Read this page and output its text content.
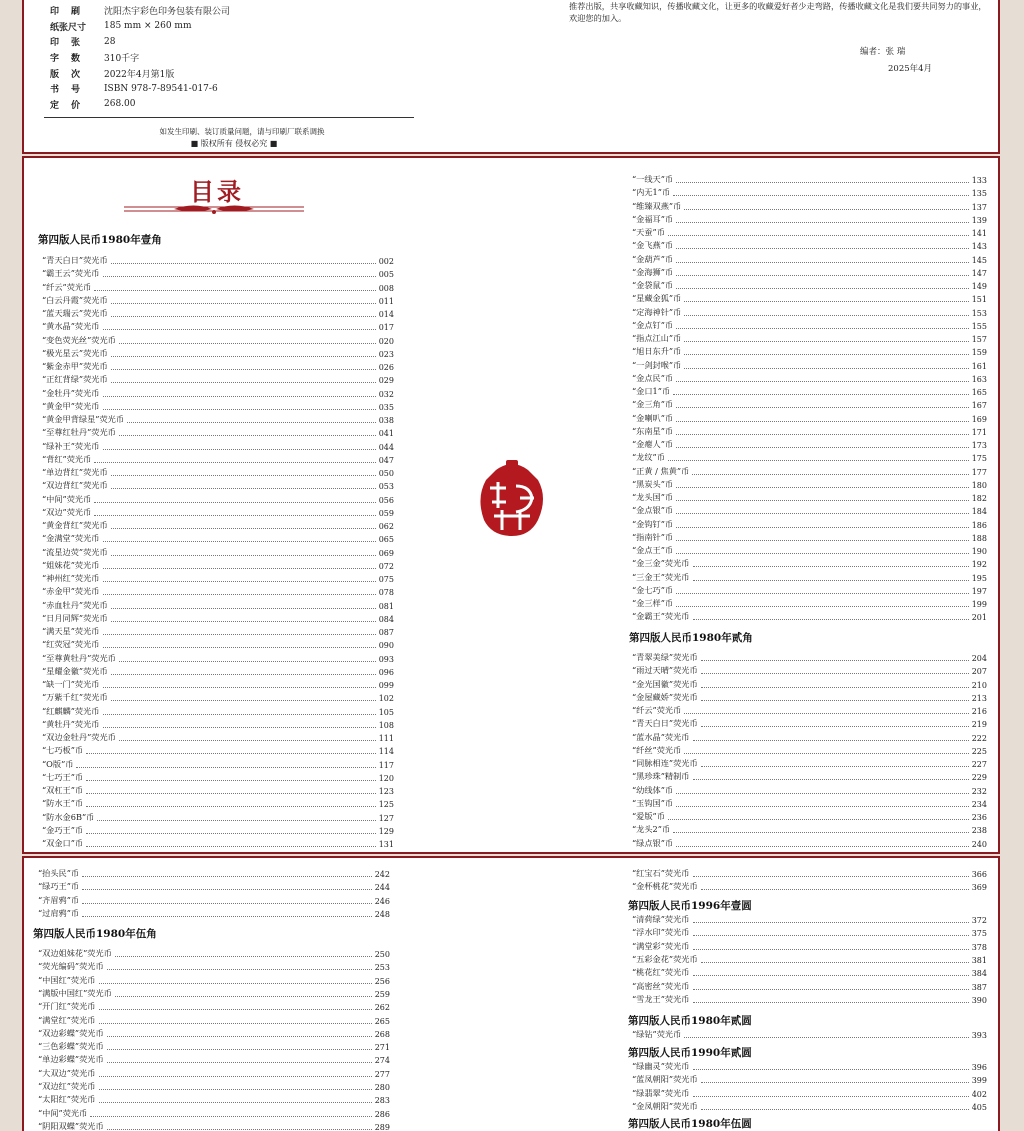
印刷	沈阳杰宇彩色印务包装有限公司
纸张尺寸	185 mm × 260 mm
印张	28
字数	310千字
版次	2022年4月第1版
书号	ISBN 978-7-89541-017-6
定价	268.00
如发生印刷、装订质量问题，请与印刷厂联系调换
■ 版权所有 侵权必究 ■
推荐出版，共享收藏知识，传播收藏文化，让更多的收藏爱好者少走弯路，传播收藏文化是我们要共同努力的事业，欢迎您的加入。
编者：张 瑞
2025年4月
目录
第四版人民币1980年壹角
“青天白日”荧光币	002
“霸王云”荧光币	005
“纤云”荧光币	008
“白云丹霞”荧光币	011
“蓝天瑞云”荧光币	014
“黄水晶”荧光币	017
“变色荧光丝”荧光币	020
“极光星云”荧光币	023
“紫金赤甲”荧光币	026
“正红背绿”荧光币	029
“金牡丹”荧光币	032
“黄金甲”荧光币	035
“黄金甲背绿星”荧光币	038
“至尊红牡丹”荧光币	041
“绿补王”荧光币	044
“背红”荧光币	047
“单边背红”荧光币	050
“双边背红”荧光币	053
“中间”荧光币	056
“双边”荧光币	059
“黄金背红”荧光币	062
“金满堂”荧光币	065
“流星边荧”荧光币	069
“姐妹花”荧光币	072
“神州红”荧光币	075
“赤金甲”荧光币	078
“赤血牡丹”荧光币	081
“日月同辉”荧光币	084
“满天星”荧光币	087
“红荧冠”荧光币	090
“至尊黄牡丹”荧光币	093
“星耀金徽”荧光币	096
“缺一门”荧光币	099
“万紫千红”荧光币	102
“红麒麟”荧光币	105
“黄牡丹”荧光币	108
“双边金牡丹”荧光币	111
“七巧板”币	114
“O版”币	117
“七巧王”币	120
“双杠王”币	123
“防水王”币	125
“防水金6B”币	127
“金巧王”币	129
“双金口”币	131
“一线天”币	133
“内无1”币	135
“维臻双燕”币	137
“金福耳”币	139
“天蚕”币	141
“金飞燕”币	143
“金葫芦”币	145
“金海狮”币	147
“金袋鼠”币	149
“星藏金狐”币	151
“定海神针”币	153
“金点钉”币	155
“指点江山”币	157
“旭日东升”币	159
“一剑封喉”币	161
“金点民”币	163
“金口1”币	165
“金三角”币	167
“金喇叭”币	169
“东南星”币	171
“金瘪人”币	173
“龙纹”币	175
“正黄 / 焦黄”币	177
“黑炭头”币	180
“龙头国”币	182
“金点银”币	184
“金钩钉”币	186
“指南针”币	188
“金点王”币	190
“金三金”荧光币	192
“三金王”荧光币	195
“金七巧”币	197
“金三样”币	199
“金霸王”荧光币	201
第四版人民币1980年贰角
“青翠美绿”荧光币	204
“雨过天晴”荧光币	207
“金光国徽”荧光币	210
“金屋藏娇”荧光币	213
“纤云”荧光币	216
“青天白日”荧光币	219
“蓝水晶”荧光币	222
“纤丝”荧光币	225
“同脉相连”荧光币	227
“黑珍珠”精制币	229
“幼线体”币	232
“玉钩国”币	234
“爱版”币	236
“龙头2”币	238
“绿点银”币	240
“抬头民”币	242
“绿巧王”币	244
“齐眉鸦”币	246
“过肩鸦”币	248
第四版人民币1980年伍角
“双边姐妹花”荧光币	250
“荧光编码”荧光币	253
“中国红”荧光币	256
“满版中国红”荧光币	259
“开门红”荧光币	262
“满堂红”荧光币	265
“双边彩蝶”荧光币	268
“三色彩蝶”荧光币	271
“单边彩蝶”荧光币	274
“大双边”荧光币	277
“双边红”荧光币	280
“太阳红”荧光币	283
“中间”荧光币	286
“阴阳双蝶”荧光币	289
“红宝石”荧光币	366
“金杯桃花”荧光币	369
第四版人民币1996年壹圆
“清荷绿”荧光币	372
“浮水印”荧光币	375
“满堂彩”荧光币	378
“五彩金花”荧光币	381
“桃花红”荧光币	384
“高密丝”荧光币	387
“雪龙王”荧光币	390
第四版人民币1980年贰圆
“绿钻”荧光币	393
第四版人民币1990年贰圆
“绿幽灵”荧光币	396
“蓝凤朝阳”荧光币	399
“绿翡翠”荧光币	402
“金凤朝阳”荧光币	405
第四版人民币1980年伍圆
